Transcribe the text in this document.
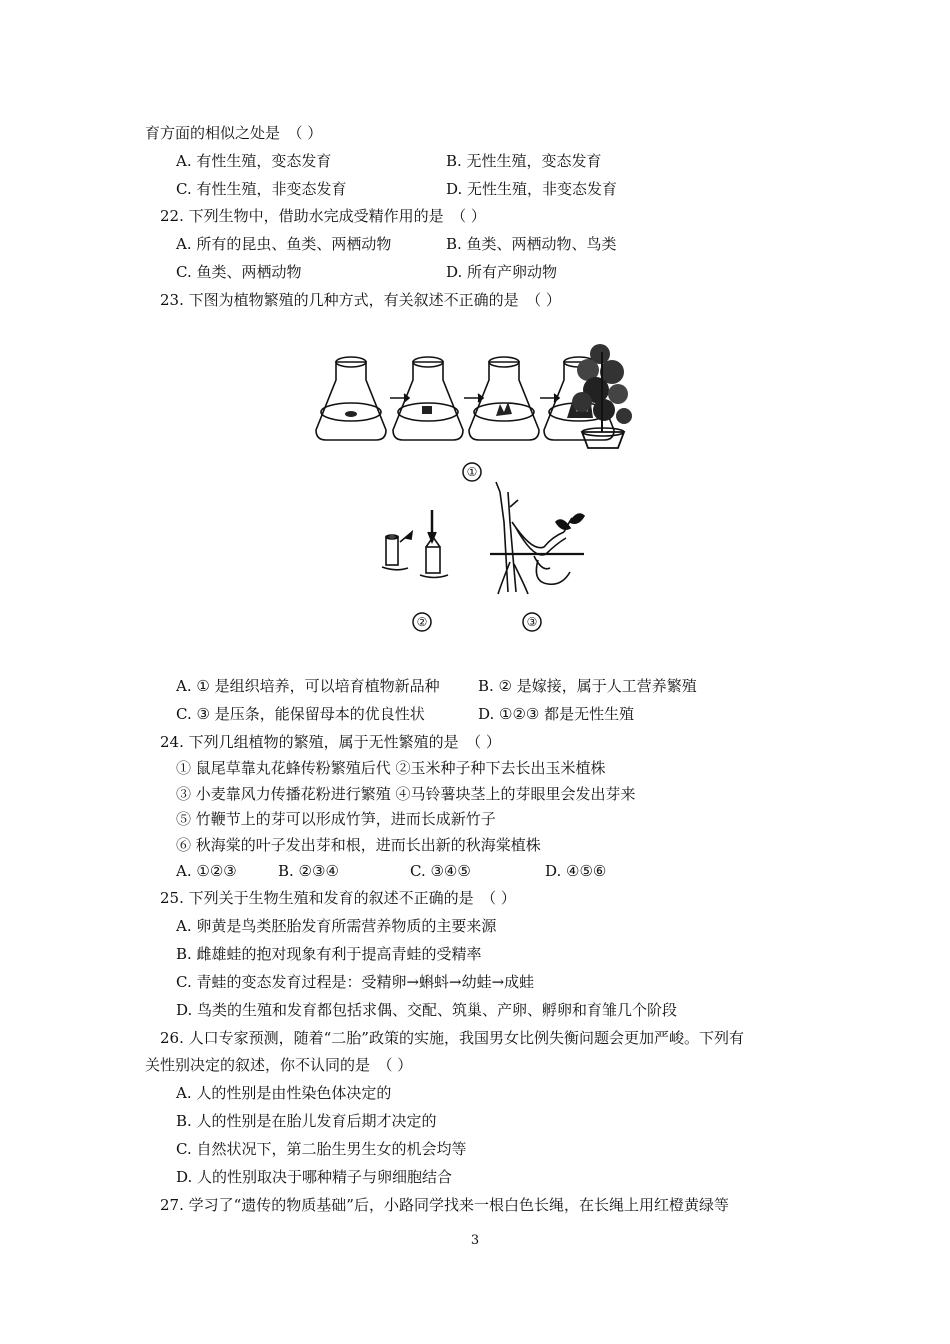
育方面的相似之处是　（ ）
A. 有性生殖，变态发育	B. 无性生殖，变态发育
C. 有性生殖，非变态发育	D. 无性生殖，非变态发育
22. 下列生物中，借助水完成受精作用的是　（ ）
A. 所有的昆虫、鱼类、两栖动物	B. 鱼类、两栖动物、鸟类
C. 鱼类、两栖动物	D. 所有产卵动物
23. 下图为植物繁殖的几种方式，有关叙述不正确的是　（ ）
①
②	③
A. ① 是组织培养，可以培育植物新品种	B. ② 是嫁接，属于人工营养繁殖
C. ③ 是压条，能保留母本的优良性状	D. ①②③ 都是无性生殖
24. 下列几组植物的繁殖，属于无性繁殖的是　（ ）
① 鼠尾草靠丸花蜂传粉繁殖后代 ②玉米种子种下去长出玉米植株
③ 小麦靠风力传播花粉进行繁殖 ④马铃薯块茎上的芽眼里会发出芽来
⑤ 竹鞭节上的芽可以形成竹笋，进而长成新竹子
⑥ 秋海棠的叶子发出芽和根，进而长出新的秋海棠植株
A. ①②③	B. ②③④	C. ③④⑤	D. ④⑤⑥
25. 下列关于生物生殖和发育的叙述不正确的是　（ ）
A. 卵黄是鸟类胚胎发育所需营养物质的主要来源
B. 雌雄蛙的抱对现象有利于提高青蛙的受精率
C. 青蛙的变态发育过程是：受精卵→蝌蚪→幼蛙→成蛙
D. 鸟类的生殖和发育都包括求偶、交配、筑巢、产卵、孵卵和育雏几个阶段
26. 人口专家预测，随着“二胎”政策的实施，我国男女比例失衡问题会更加严峻。下列有
关性别决定的叙述，你不认同的是　（ ）
A. 人的性别是由性染色体决定的
B. 人的性别是在胎儿发育后期才决定的
C. 自然状况下，第二胎生男生女的机会均等
D. 人的性别取决于哪种精子与卵细胞结合
27. 学习了“遗传的物质基础”后，小路同学找来一根白色长绳，在长绳上用红橙黄绿等
3
